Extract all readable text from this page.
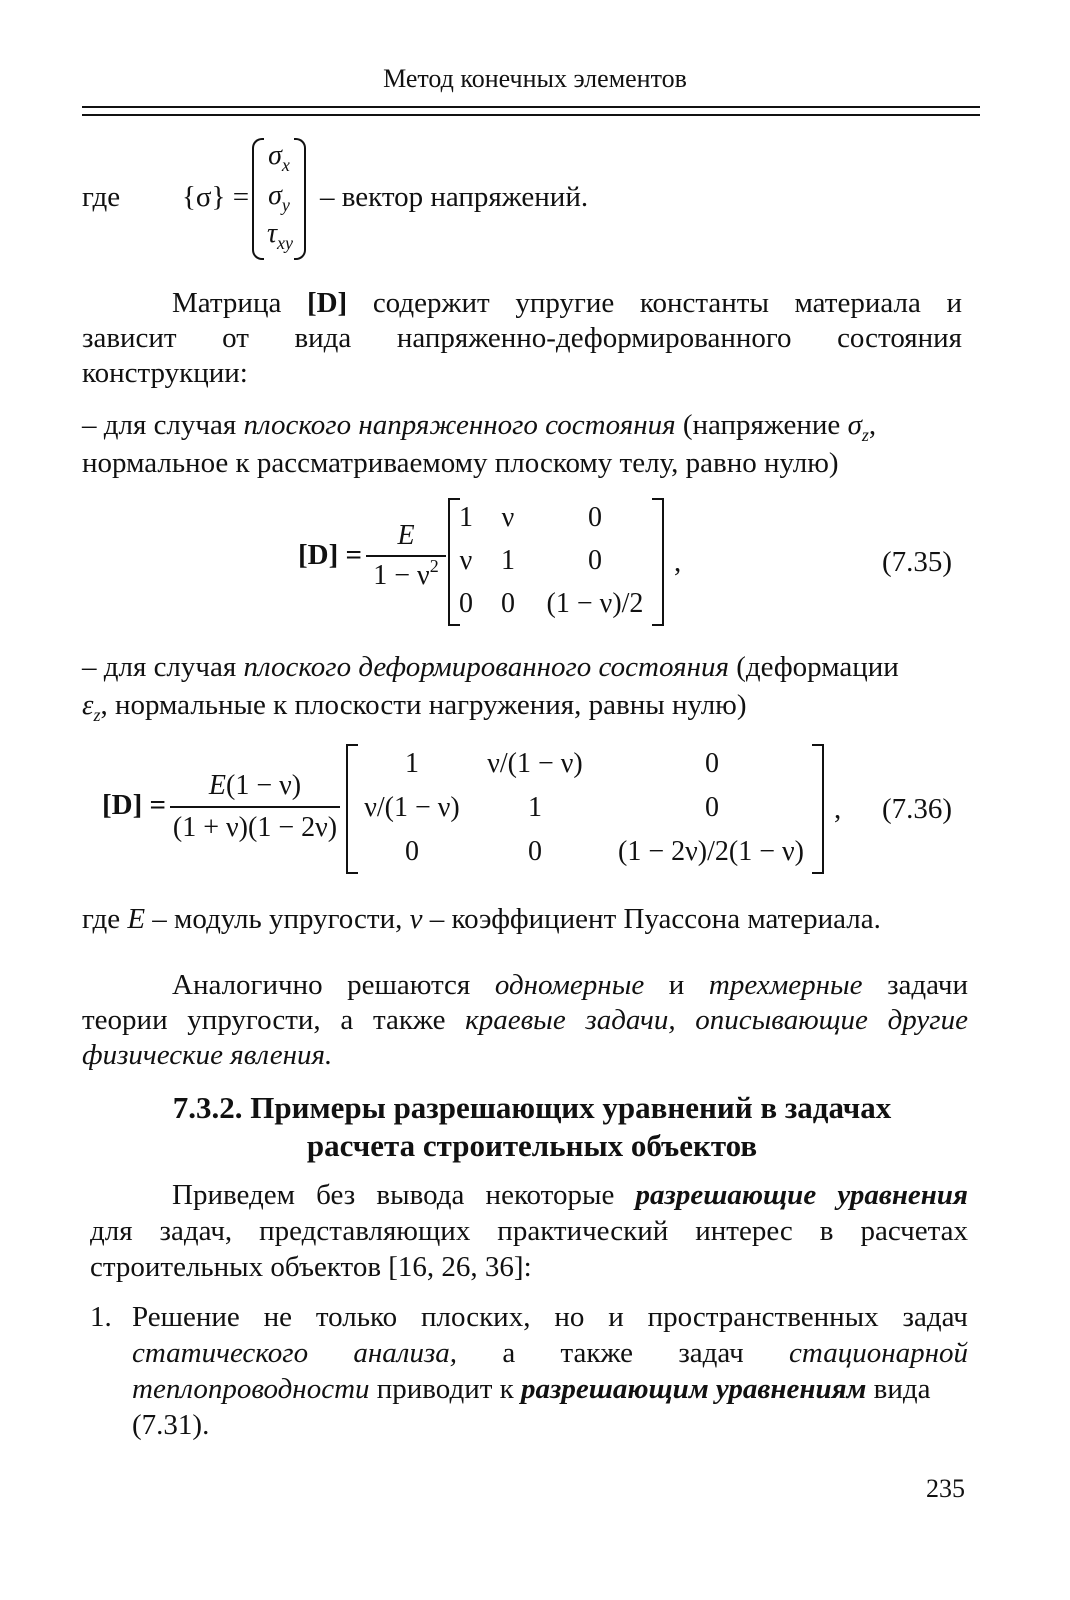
Метод конечных элементов
где {σ} =
$\sigma_x$
$\sigma_y$
$\tau_{xy}$
– вектор напряжений.
Матрица [D] содержит упругие константы материала и
зависит от вида напряженно-деформированного состояния
конструкции:
– для случая плоского напряженного состояния (напряжение $\sigma_z$,
нормальное к рассматриваемому плоскому телу, равно нулю)
[D] =
E
$1 - \nu^2$
1 ν	0
ν 1	0
0 0 (1 − ν)/2
,	(7.35)
– для случая плоского деформированного состояния (деформации
$\varepsilon_z$, нормальные к плоскости нагружения, равны нулю)
[D] =
E(1 − ν)
(1 + ν)(1 − 2ν)
1	ν/(1 − ν)	0
ν/(1 − ν)	1	0
0	0	(1 − 2ν)/2(1 − ν)
, (7.36)
где E – модуль упругости, ν – коэффициент Пуассона материала.
Аналогично решаются одномерные и трехмерные задачи
теории упругости, а также краевые задачи, описывающие другие
физические явления.
7.3.2. Примеры разрешающих уравнений в задачах
расчета строительных объектов
Приведем без вывода некоторые разрешающие уравнения
для задач, представляющих практический интерес в расчетах
строительных объектов [16, 26, 36]:
1. Решение не только плоских, но и пространственных задач
статического анализа, а также задач стационарной
теплопроводности приводит к разрешающим уравнениям вида
(7.31).
235
